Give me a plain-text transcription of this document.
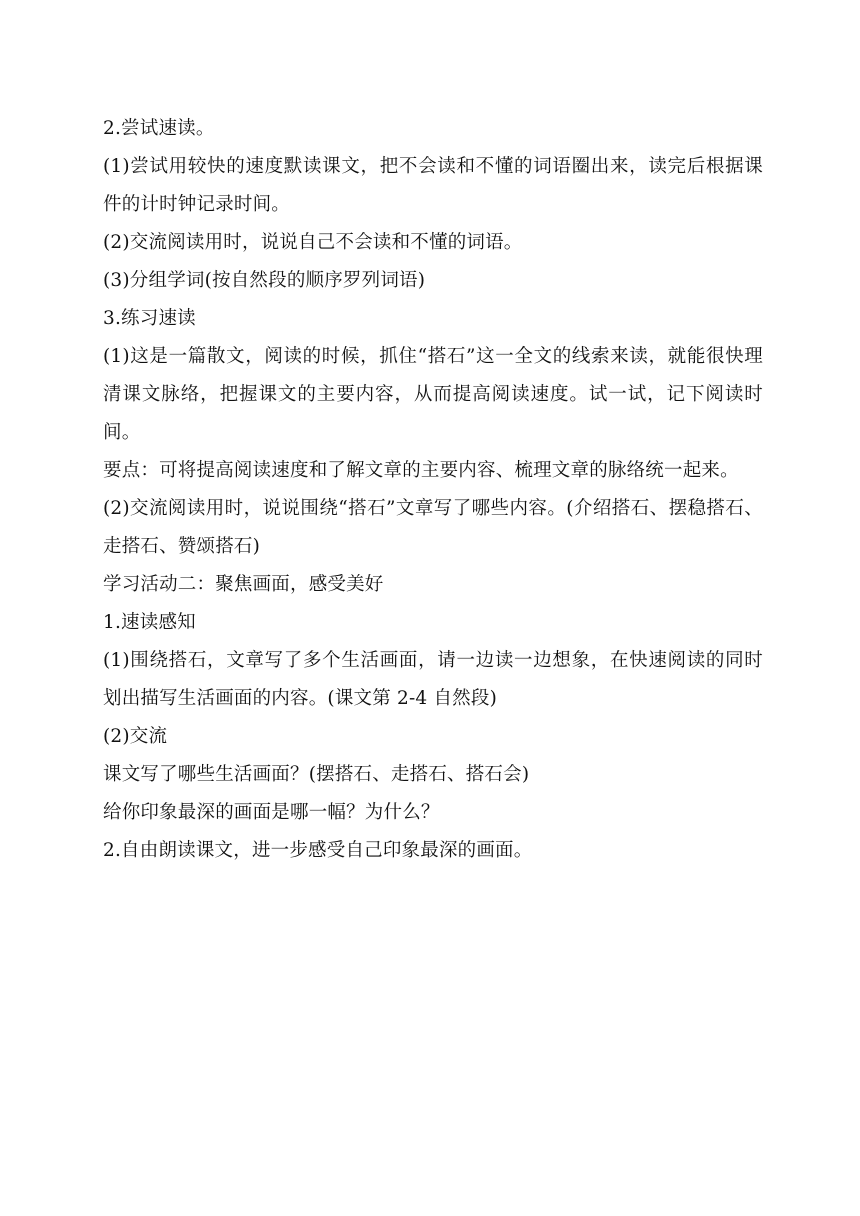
2.尝试速读。

(1)尝试用较快的速度默读课文，把不会读和不懂的词语圈出来，读完后根据课件的计时钟记录时间。

(2)交流阅读用时，说说自己不会读和不懂的词语。

(3)分组学词(按自然段的顺序罗列词语)

3.练习速读

(1)这是一篇散文，阅读的时候，抓住“搭石”这一全文的线索来读，就能很快理清课文脉络，把握课文的主要内容，从而提高阅读速度。试一试，记下阅读时间。

要点：可将提高阅读速度和了解文章的主要内容、梳理文章的脉络统一起来。

(2)交流阅读用时，说说围绕“搭石”文章写了哪些内容。(介绍搭石、摆稳搭石、走搭石、赞颂搭石)

学习活动二：聚焦画面，感受美好

1.速读感知

(1)围绕搭石，文章写了多个生活画面，请一边读一边想象，在快速阅读的同时划出描写生活画面的内容。(课文第 2-4 自然段)

(2)交流

课文写了哪些生活画面？(摆搭石、走搭石、搭石会)

给你印象最深的画面是哪一幅？为什么？

2.自由朗读课文，进一步感受自己印象最深的画面。
